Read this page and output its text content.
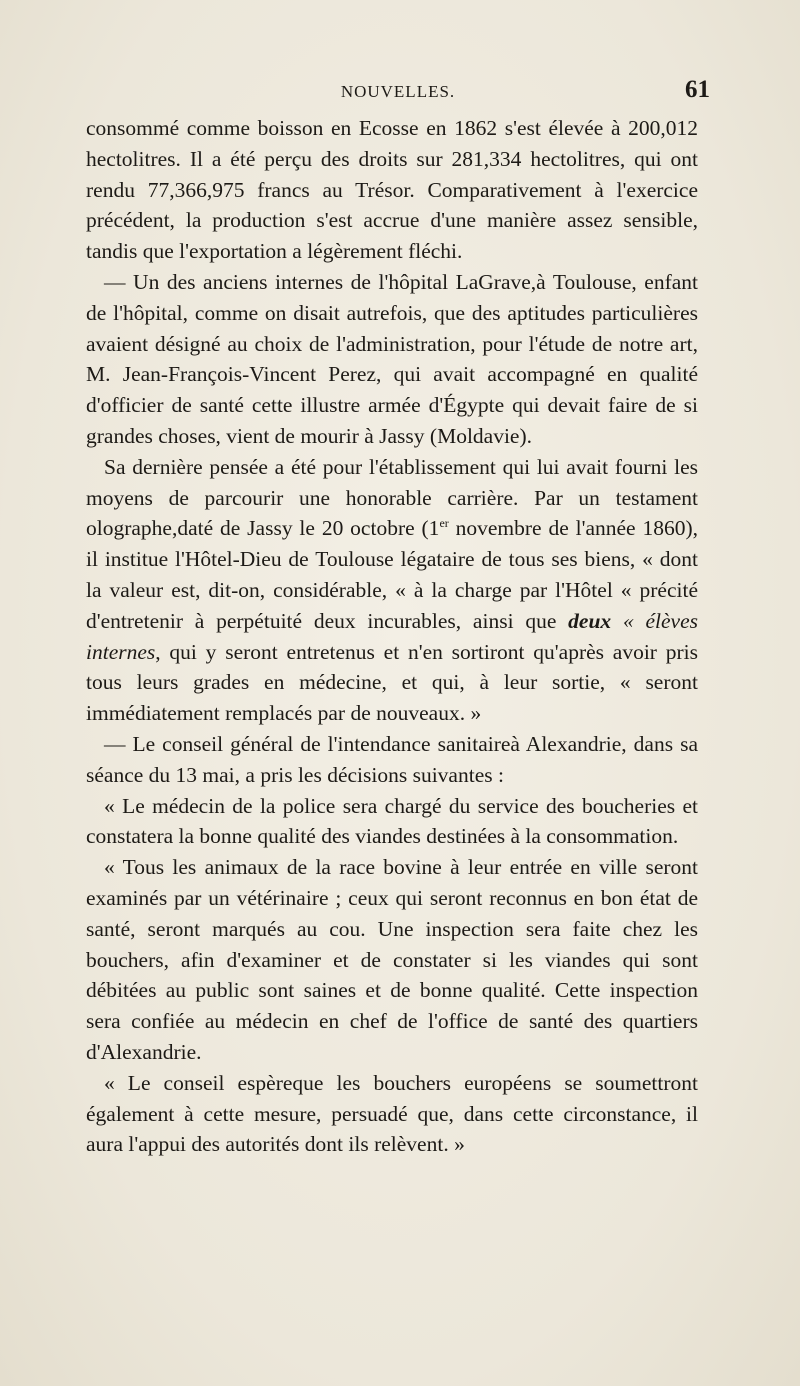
NOUVELLES.	61

consommé comme boisson en Ecosse en 1862 s'est élevée à 200,012 hectolitres. Il a été perçu des droits sur 281,334 hectolitres, qui ont rendu 77,366,975 francs au Trésor. Comparativement à l'exercice précédent, la production s'est accrue d'une manière assez sensible, tandis que l'exportation a légèrement fléchi.

— Un des anciens internes de l'hôpital LaGrave,à Toulouse, enfant de l'hôpital, comme on disait autrefois, que des aptitudes particulières avaient désigné au choix de l'administration, pour l'étude de notre art, M. Jean-François-Vincent Perez, qui avait accompagné en qualité d'officier de santé cette illustre armée d'Égypte qui devait faire de si grandes choses, vient de mourir à Jassy (Moldavie).

Sa dernière pensée a été pour l'établissement qui lui avait fourni les moyens de parcourir une honorable carrière. Par un testament olographe,daté de Jassy le 20 octobre (1er novembre de l'année 1860), il institue l'Hôtel-Dieu de Toulouse légataire de tous ses biens, « dont la valeur est, dit-on, considérable, « à la charge par l'Hôtel « précité d'entretenir à perpétuité deux incurables, ainsi que deux « élèves internes, qui y seront entretenus et n'en sortiront qu'après avoir pris tous leurs grades en médecine, et qui, à leur sortie, « seront immédiatement remplacés par de nouveaux. »

— Le conseil général de l'intendance sanitaireà Alexandrie, dans sa séance du 13 mai, a pris les décisions suivantes :

« Le médecin de la police sera chargé du service des boucheries et constatera la bonne qualité des viandes destinées à la consommation.

« Tous les animaux de la race bovine à leur entrée en ville seront examinés par un vétérinaire ; ceux qui seront reconnus en bon état de santé, seront marqués au cou. Une inspection sera faite chez les bouchers, afin d'examiner et de constater si les viandes qui sont débitées au public sont saines et de bonne qualité. Cette inspection sera confiée au médecin en chef de l'office de santé des quartiers d'Alexandrie.

« Le conseil espèreque les bouchers européens se soumettront également à cette mesure, persuadé que, dans cette circonstance, il aura l'appui des autorités dont ils relèvent. »
